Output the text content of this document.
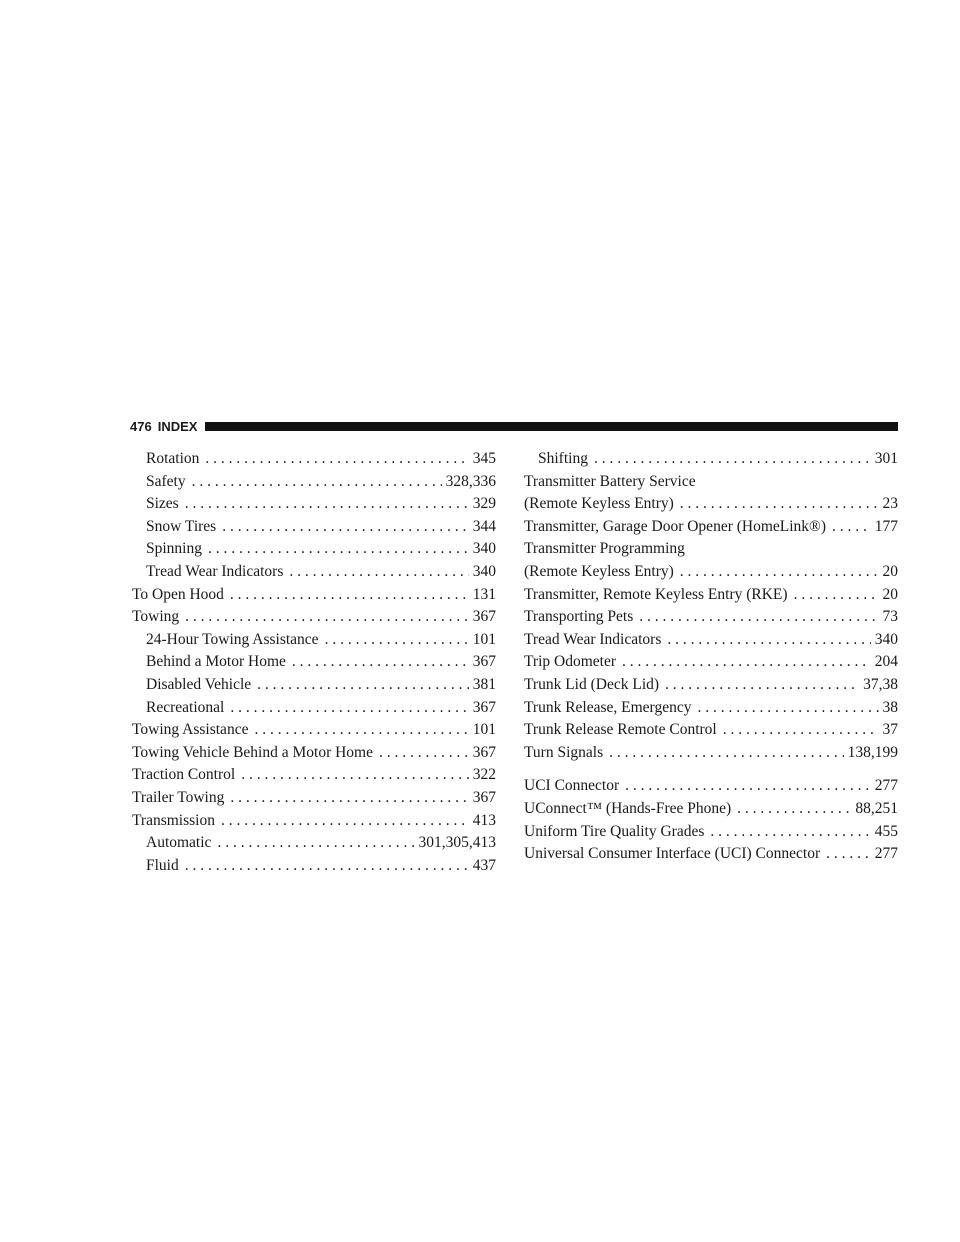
476 INDEX
Rotation . . .	345
Safety . . .	328,336
Sizes . . .	329
Snow Tires . . .	344
Spinning . . .	340
Tread Wear Indicators . . .	340
To Open Hood . . .	131
Towing . . .	367
24-Hour Towing Assistance . . .	101
Behind a Motor Home . . .	367
Disabled Vehicle . . .	381
Recreational . . .	367
Towing Assistance . . .	101
Towing Vehicle Behind a Motor Home . . .	367
Traction Control . . .	322
Trailer Towing . . .	367
Transmission . . .	413
Automatic . . .	301,305,413
Fluid . . .	437
Shifting . . .	301
Transmitter Battery Service
(Remote Keyless Entry) . . .	23
Transmitter, Garage Door Opener (HomeLink®) . . .	177
Transmitter Programming
(Remote Keyless Entry) . . .	20
Transmitter, Remote Keyless Entry (RKE) . . .	20
Transporting Pets . . .	73
Tread Wear Indicators . . .	340
Trip Odometer . . .	204
Trunk Lid (Deck Lid) . . .	37,38
Trunk Release, Emergency . . .	38
Trunk Release Remote Control . . .	37
Turn Signals . . .	138,199
UCI Connector . . .	277
UConnect™ (Hands-Free Phone) . . .	88,251
Uniform Tire Quality Grades . . .	455
Universal Consumer Interface (UCI) Connector . . .	277
